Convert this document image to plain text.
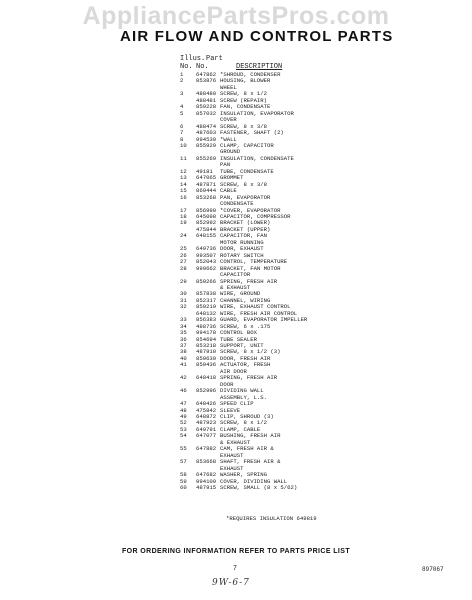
AppliancePartsPros.com
AIR FLOW AND CONTROL PARTS
Illus. Part
No. No.	DESCRIPTION
1	647862 *SHROUD, CONDENSER
2	853876 HOUSING, BLOWER
WHEEL
3	488480 SCREW, 8 x 1/2
488481 SCREW (REPAIR)
4	859228 FAN, CONDENSATE
5	857032 INSULATION, EVAPORATOR
COVER
6	488474 SCREW, 8 x 3/8
7	487603 FASTENER, SHAFT (2)
8	994539 *WALL
10	855929 CLAMP, CAPACITOR
GROUND
11	855269 INSULATION, CONDENSATE
PAN
12	49181	TUBE, CONDENSATE
13	647065 GROMMET
14	487871 SCREW, 8 x 3/8
15	869444 CABLE
16	853268 PAN, EVAPORATOR
CONDENSATE
17	856990 *COVER, EVAPORATOR
18	645098 CAPACITOR, COMPRESSOR
19	852992 BRACKET (LOWER)
475844 BRACKET (UPPER)
24	648155 CAPACITOR, FAN
MOTOR RUNNING
25	649736 DOOR, EXHAUST
26	993507 ROTARY SWITCH
27	852043 CONTROL, TEMPERATURE
28	999662 BRACKET, FAN MOTOR
CAPACITOR
29	859266 SPRING, FRESH AIR
& EXHAUST
30	857838 WIRE, GROUND
31	852317 CHANNEL, WIRING
32	859219 WIRE, EXHAUST CONTROL
648132 WIRE, FRESH AIR CONTROL
33	856383 GUARD, EVAPORATOR IMPELLER
34	488736 SCREW, 6 x .175
35	994178 CONTROL BOX
36	854694 TUBE SEALER
37	853218 SUPPORT, UNIT
38	487910 SCREW, 8 x 1/2 (3)
40	859639 DOOR, FRESH AIR
41	859436 ACTUATOR, FRESH
AIR DOOR
42	648418 SPRING, FRESH AIR
DOOR
46	852996 DIVIDING WALL
ASSEMBLY, L.S.
47	648426 SPEED CLIP
48	475842 SLEEVE
49	648872 CLIP, SHROUD (3)
52	487923 SCREW, 8 x 1/2
53	649791 CLAMP, CABLE
54	647077 BUSHING, FRESH AIR
& EXHAUST
55	647882 CAM, FRESH AIR &
EXHAUST
57	853668 SHAFT, FRESH AIR &
EXHAUST
58	647682 WASHER, SPRING
59	994109 COVER, DIVIDING WALL
60	487915 SCREW, SMALL (8 x 5/62)
*REQUIRES INSULATION 649819
FOR ORDERING INFORMATION REFER TO PARTS PRICE LIST
7	897067
9W-6-7
